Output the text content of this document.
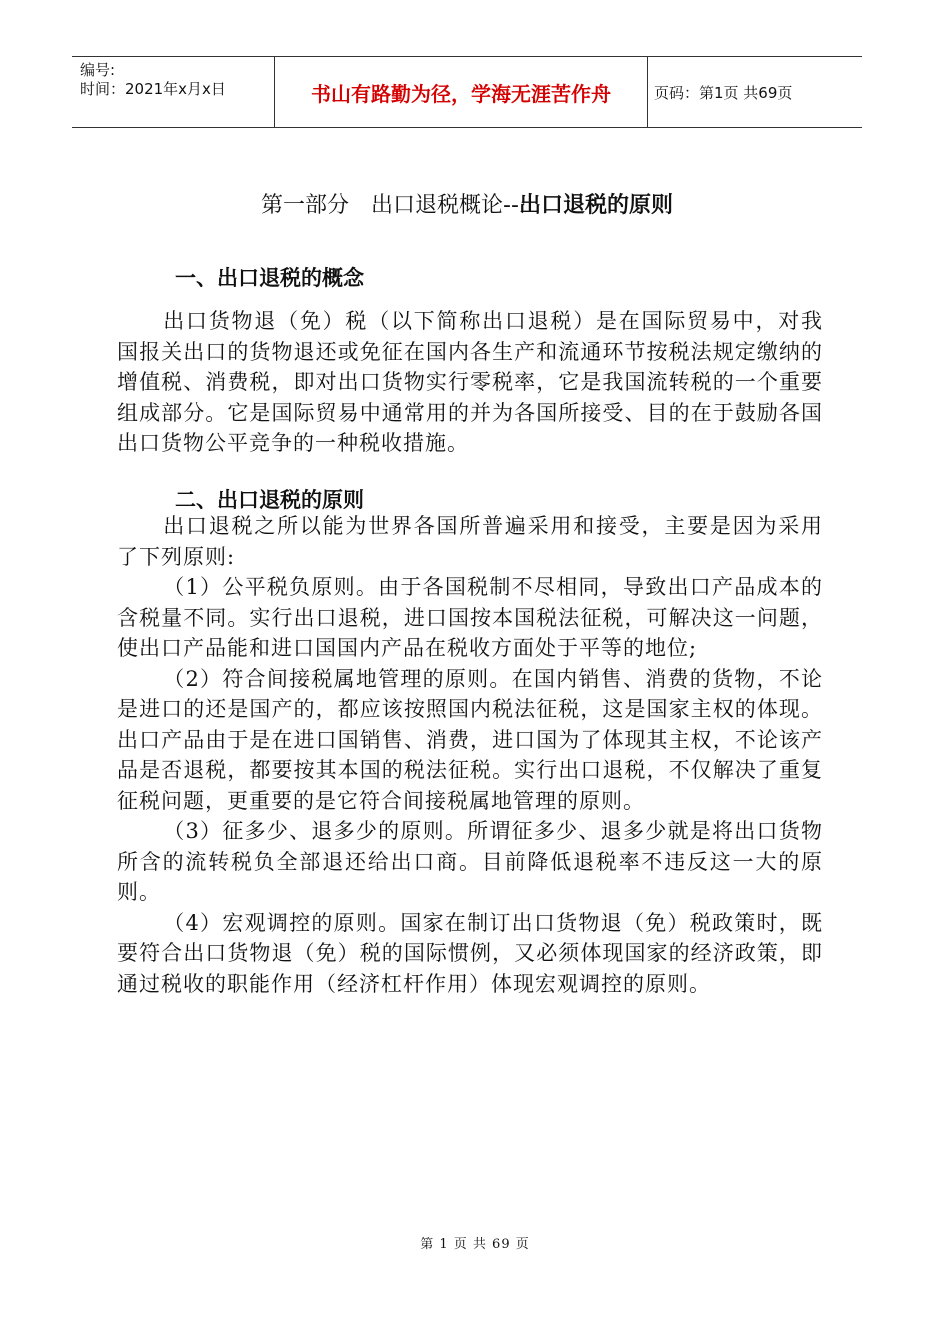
编号:
时间：2021年x月x日	书山有路勤为径，学海无涯苦作舟	页码：第1页 共69页
第一部分　出口退税概论--出口退税的原则
一、出口退税的概念

出口货物退（免）税（以下简称出口退税）是在国际贸易中，对我国报关出口的货物退还或免征在国内各生产和流通环节按税法规定缴纳的增值税、消费税，即对出口货物实行零税率，它是我国流转税的一个重要组成部分。它是国际贸易中通常用的并为各国所接受、目的在于鼓励各国出口货物公平竞争的一种税收措施。

二、出口退税的原则

出口退税之所以能为世界各国所普遍采用和接受，主要是因为采用了下列原则:

（1）公平税负原则。由于各国税制不尽相同，导致出口产品成本的含税量不同。实行出口退税，进口国按本国税法征税，可解决这一问题，使出口产品能和进口国国内产品在税收方面处于平等的地位;

（2）符合间接税属地管理的原则。在国内销售、消费的货物，不论是进口的还是国产的，都应该按照国内税法征税，这是国家主权的体现。出口产品由于是在进口国销售、消费，进口国为了体现其主权，不论该产品是否退税，都要按其本国的税法征税。实行出口退税，不仅解决了重复征税问题，更重要的是它符合间接税属地管理的原则。

（3）征多少、退多少的原则。所谓征多少、退多少就是将出口货物所含的流转税负全部退还给出口商。目前降低退税率不违反这一大的原则。

（4）宏观调控的原则。国家在制订出口货物退（免）税政策时，既要符合出口货物退（免）税的国际惯例，又必须体现国家的经济政策，即通过税收的职能作用（经济杠杆作用）体现宏观调控的原则。

第 1 页 共 69 页
